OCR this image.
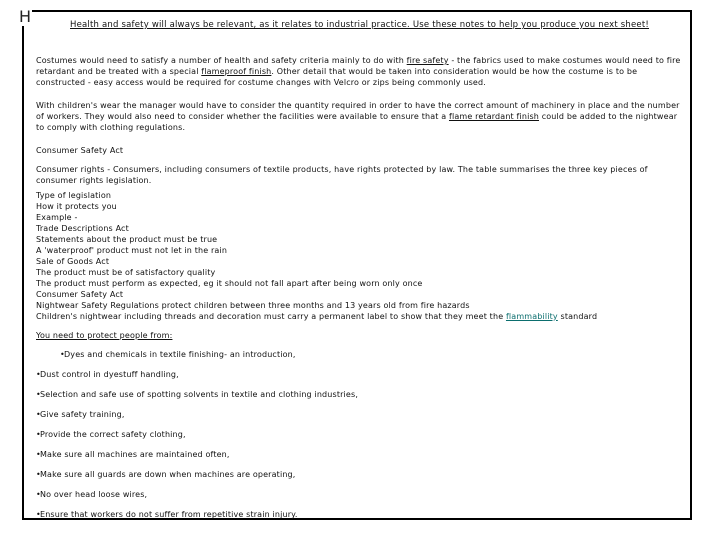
H	Health and safety will always be relevant, as it relates to industrial practice. Use these notes to help you produce you next sheet!

Costumes would need to satisfy a number of health and safety criteria mainly to do with fire safety - the fabrics used to make costumes would need to fire retardant and be treated with a special flameproof finish. Other detail that would be taken into consideration would be how the costume is to be constructed - easy access would be required for costume changes with Velcro or zips being commonly used.

With children's wear the manager would have to consider the quantity required in order to have the correct amount of machinery in place and the number of workers. They would also need to consider whether the facilities were available to ensure that a flame retardant finish could be added to the nightwear to comply with clothing regulations.

Consumer Safety Act

Consumer rights - Consumers, including consumers of textile products, have rights protected by law. The table summarises the three key pieces of consumer rights legislation.

Type of legislation

How it protects you

Example -

Trade Descriptions Act

Statements about the product must be true

A 'waterproof' product must not let in the rain

Sale of Goods Act

The product must be of satisfactory quality

The product must perform as expected, eg it should not fall apart after being worn only once

Consumer Safety Act

Nightwear Safety Regulations protect children between three months and 13 years old from fire hazards

Children's nightwear including threads and decoration must carry a permanent label to show that they meet the flammability standard

You need to protect people from:

•Dyes and chemicals in textile finishing- an introduction,
•Dust control in dyestuff handling,
•Selection and safe use of spotting solvents in textile and clothing industries,
•Give safety training,
•Provide the correct safety clothing,
•Make sure all machines are maintained often,
•Make sure all guards are down when machines are operating,
•No over head loose wires,
•Ensure that workers do not suffer from repetitive strain injury.
